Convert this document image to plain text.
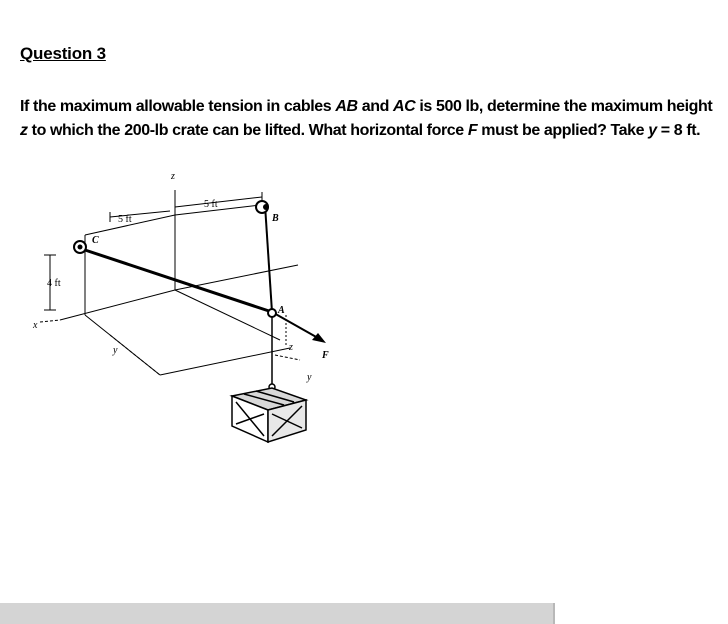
Question 3
If the maximum allowable tension in cables AB and AC is 500 lb, determine the maximum height
z to which the 200-lb crate can be lifted. What horizontal force F must be applied? Take y = 8 ft.
z
x
y
y
z
5 ft
5 ft
4 ft
B
C
A
F
